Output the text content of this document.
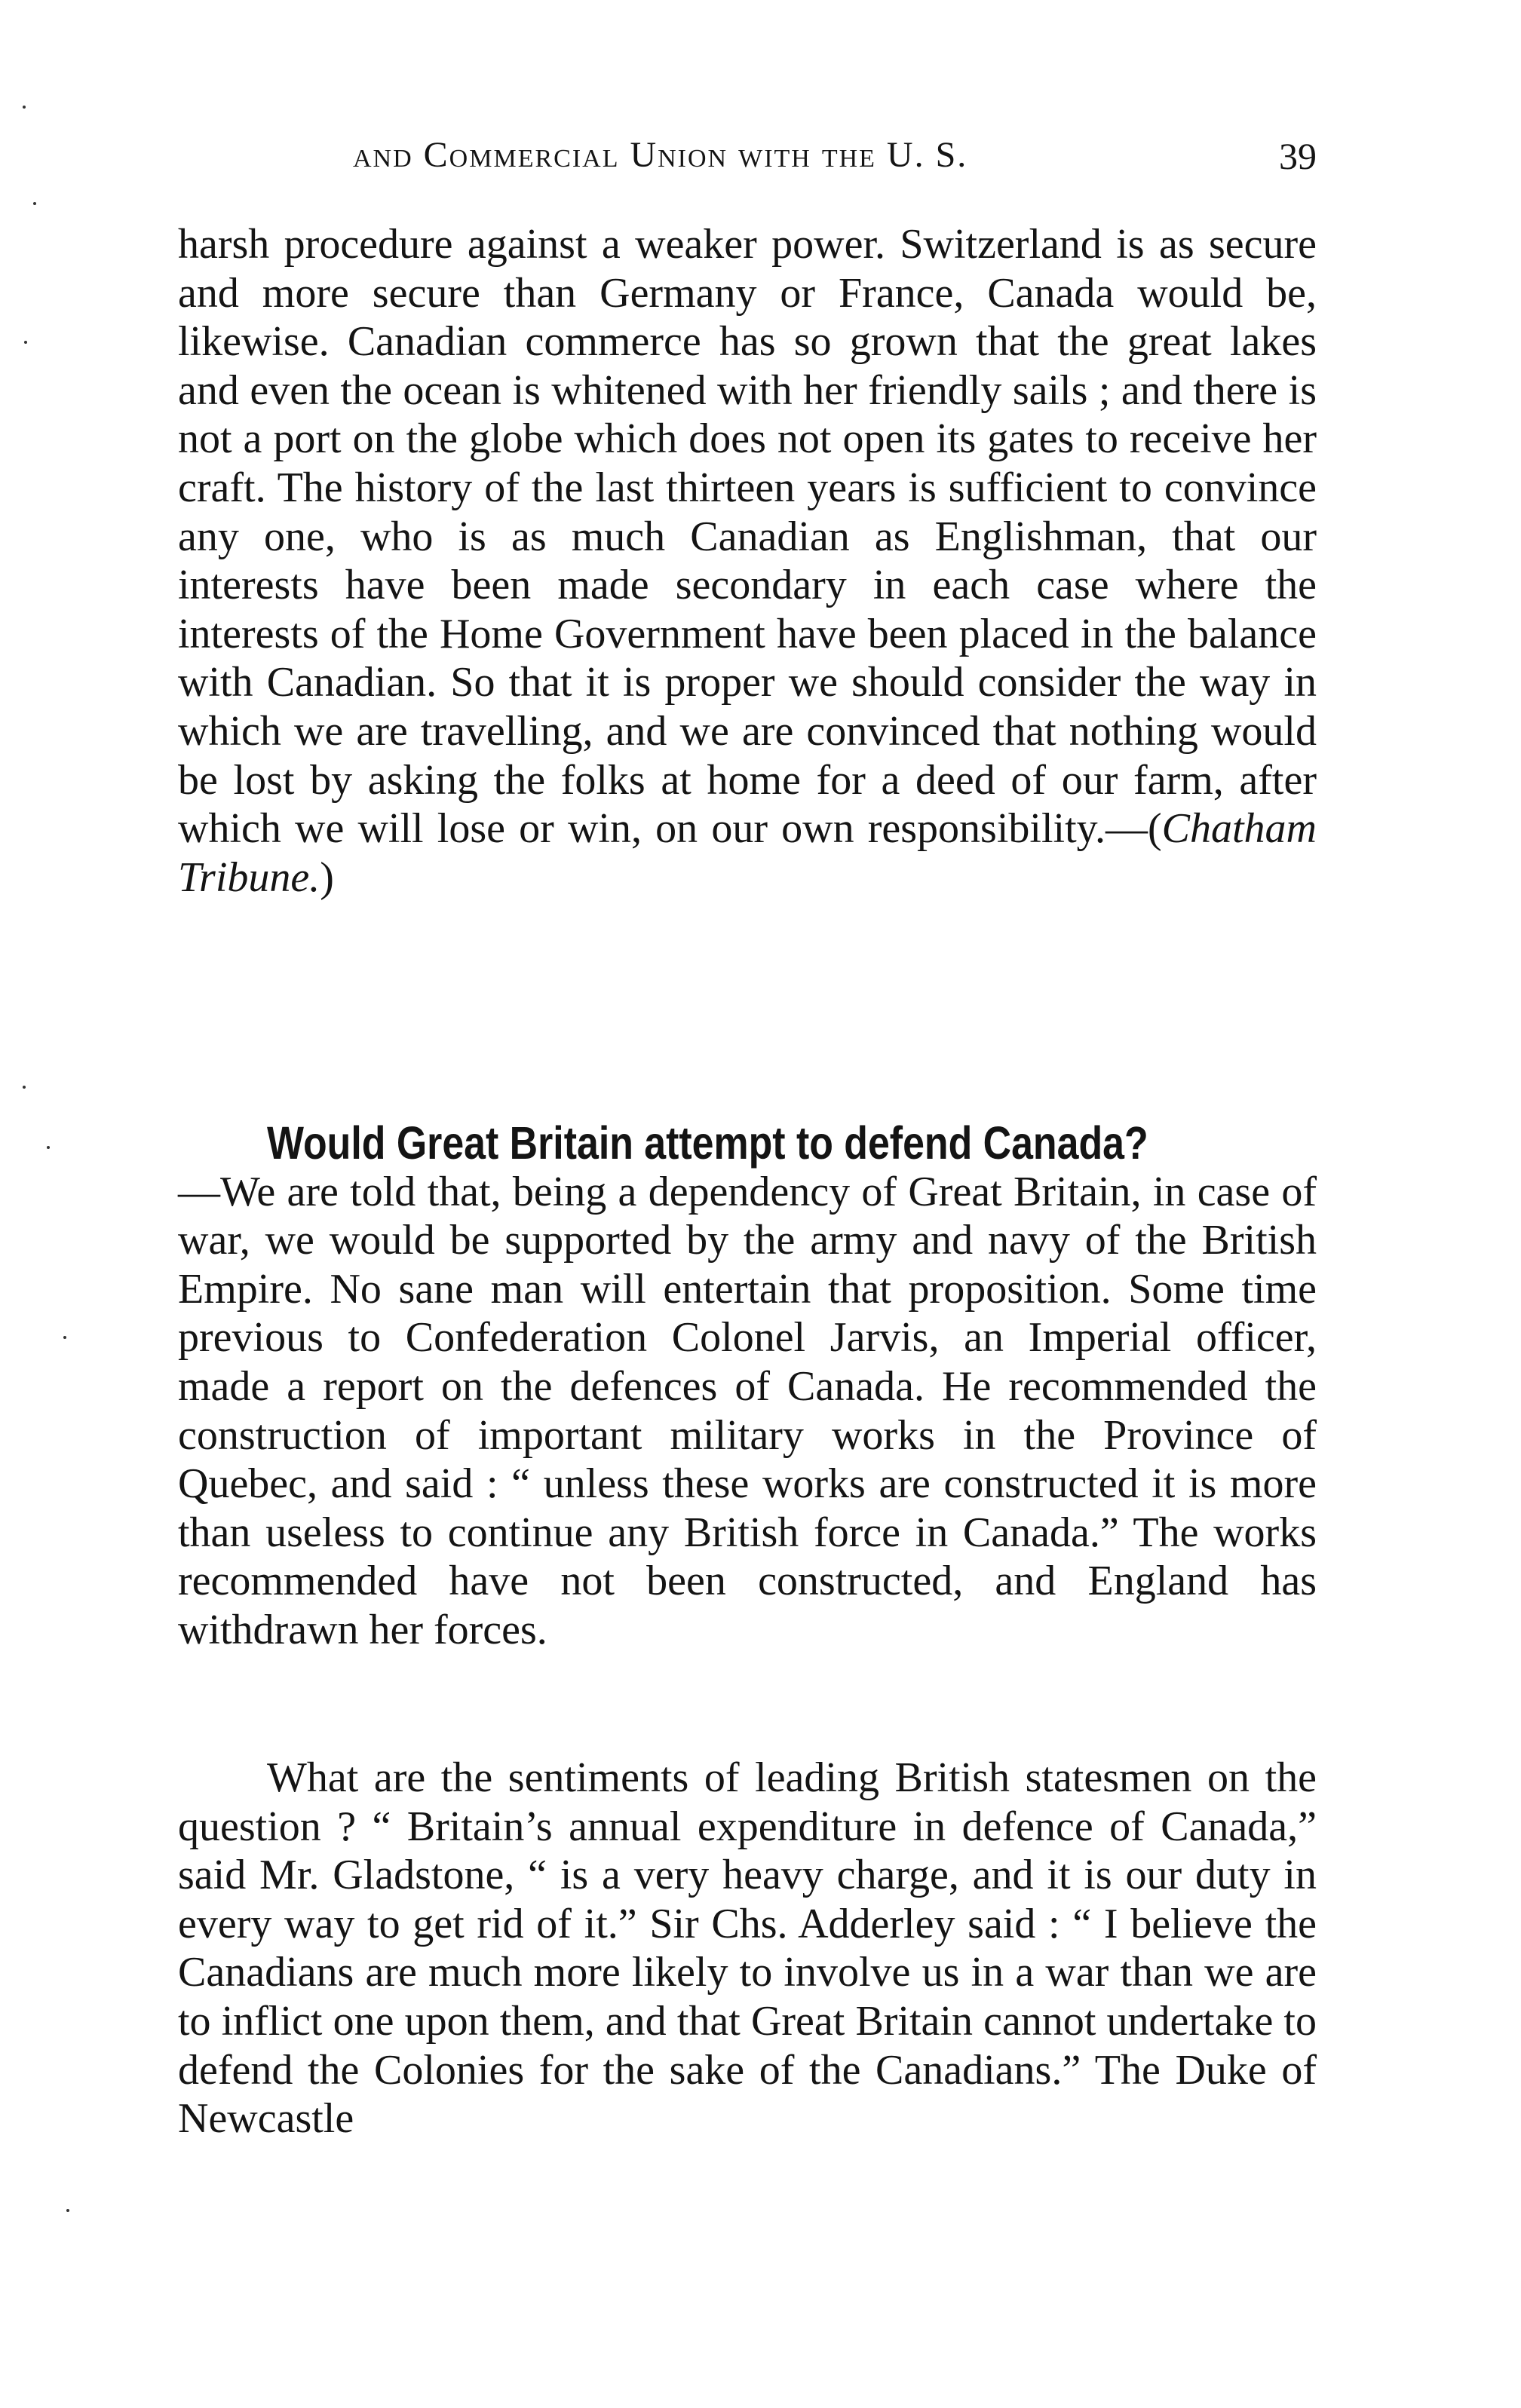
and Commercial Union with the U. S.	39
harsh procedure against a weaker power. Switzerland is as secure and more secure than Germany or France, Canada would be, likewise. Canadian commerce has so grown that the great lakes and even the ocean is whitened with her friendly sails ; and there is not a port on the globe which does not open its gates to receive her craft. The history of the last thirteen years is sufficient to convince any one, who is as much Canadian as Englishman, that our interests have been made secondary in each case where the interests of the Home Government have been placed in the balance with Canadian. So that it is proper we should consider the way in which we are travelling, and we are convinced that nothing would be lost by asking the folks at home for a deed of our farm, after which we will lose or win, on our own responsibility.—(Chatham Tribune.)
Would Great Britain attempt to defend Canada?
—We are told that, being a dependency of Great Britain, in case of war, we would be supported by the army and navy of the British Empire. No sane man will entertain that proposition. Some time previous to Confederation Colonel Jarvis, an Imperial officer, made a report on the defences of Canada. He recommended the construction of important military works in the Province of Quebec, and said : “ unless these works are constructed it is more than useless to continue any British force in Canada.” The works recommended have not been constructed, and England has withdrawn her forces.
What are the sentiments of leading British statesmen on the question ? “ Britain’s annual expenditure in defence of Canada,” said Mr. Gladstone, “ is a very heavy charge, and it is our duty in every way to get rid of it.” Sir Chs. Adderley said : “ I believe the Canadians are much more likely to involve us in a war than we are to inflict one upon them, and that Great Britain cannot undertake to defend the Colonies for the sake of the Canadians.” The Duke of Newcastle
